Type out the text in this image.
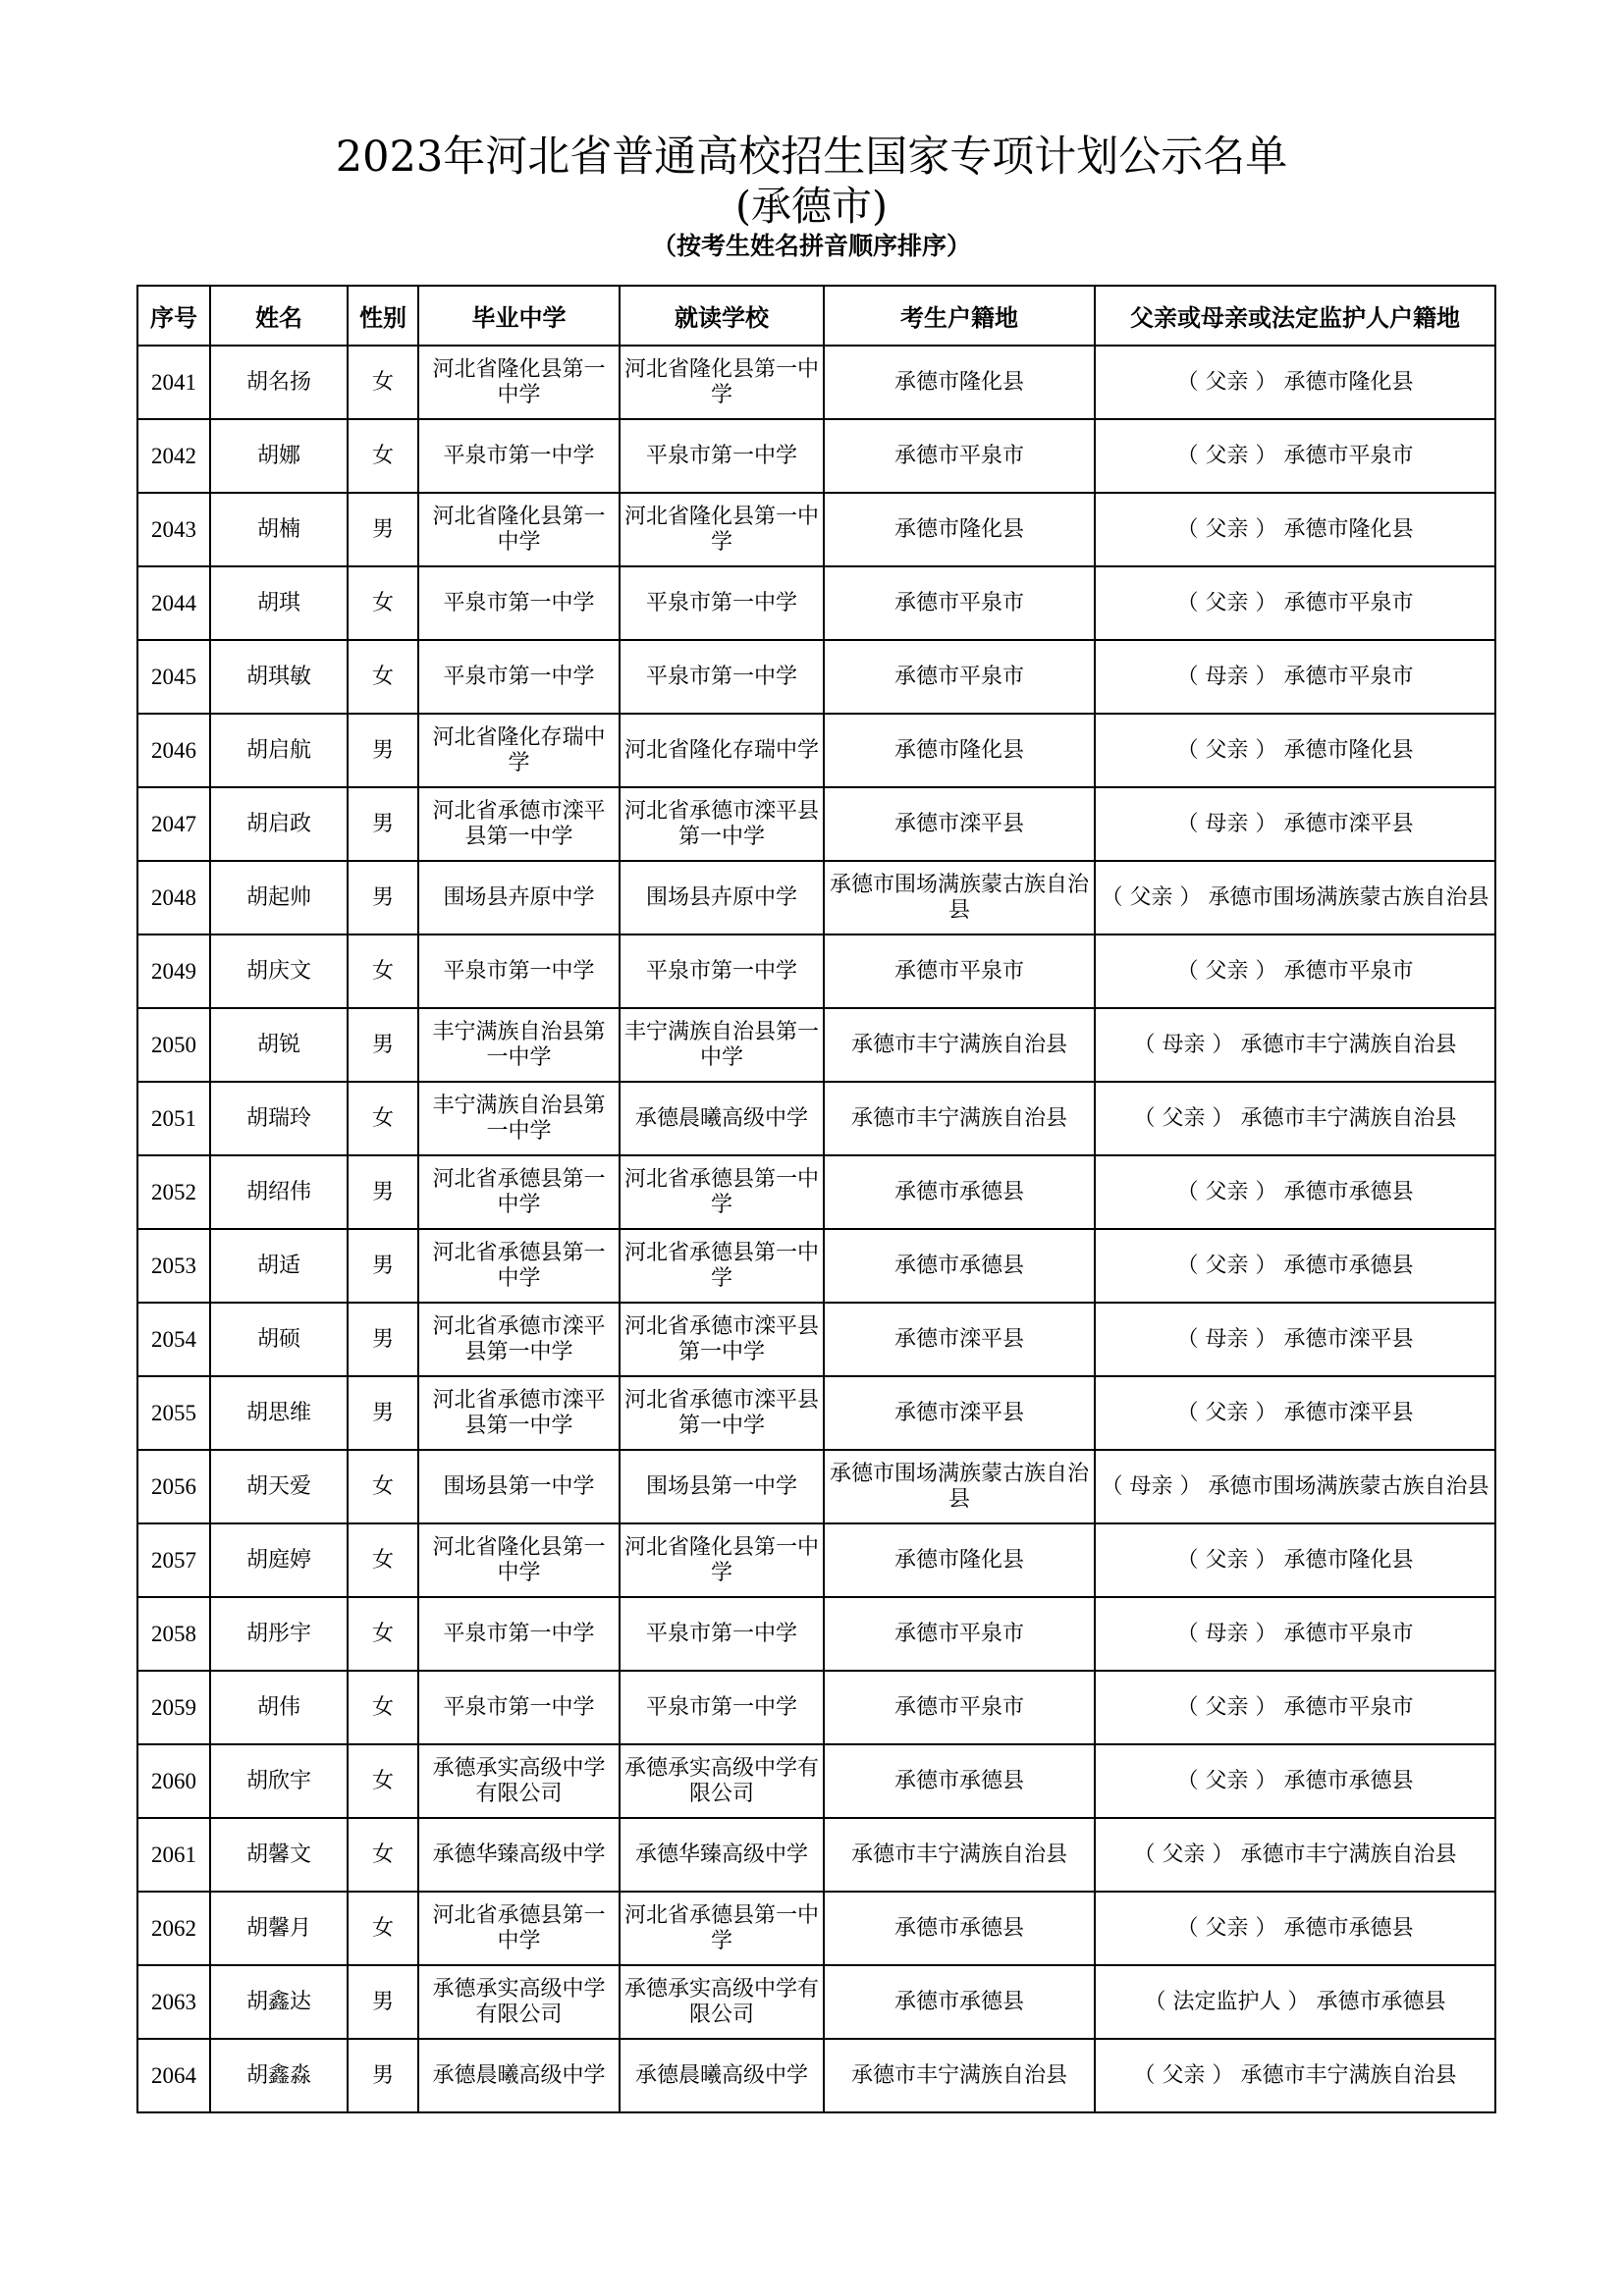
2023年河北省普通高校招生国家专项计划公示名单
(承德市)
（按考生姓名拼音顺序排序）
序号	姓名	性别	毕业中学	就读学校	考生户籍地	父亲或母亲或法定监护人户籍地
2041	胡名扬	女	河北省隆化县第一中学	河北省隆化县第一中学	承德市隆化县	（ 父亲 ） 承德市隆化县
2042	胡娜	女	平泉市第一中学	平泉市第一中学	承德市平泉市	（ 父亲 ） 承德市平泉市
2043	胡楠	男	河北省隆化县第一中学	河北省隆化县第一中学	承德市隆化县	（ 父亲 ） 承德市隆化县
2044	胡琪	女	平泉市第一中学	平泉市第一中学	承德市平泉市	（ 父亲 ） 承德市平泉市
2045	胡琪敏	女	平泉市第一中学	平泉市第一中学	承德市平泉市	（ 母亲 ） 承德市平泉市
2046	胡启航	男	河北省隆化存瑞中学	河北省隆化存瑞中学	承德市隆化县	（ 父亲 ） 承德市隆化县
2047	胡启政	男	河北省承德市滦平县第一中学	河北省承德市滦平县第一中学	承德市滦平县	（ 母亲 ） 承德市滦平县
2048	胡起帅	男	围场县卉原中学	围场县卉原中学	承德市围场满族蒙古族自治县	（ 父亲 ） 承德市围场满族蒙古族自治县
2049	胡庆文	女	平泉市第一中学	平泉市第一中学	承德市平泉市	（ 父亲 ） 承德市平泉市
2050	胡锐	男	丰宁满族自治县第一中学	丰宁满族自治县第一中学	承德市丰宁满族自治县	（ 母亲 ） 承德市丰宁满族自治县
2051	胡瑞玲	女	丰宁满族自治县第一中学	承德晨曦高级中学	承德市丰宁满族自治县	（ 父亲 ） 承德市丰宁满族自治县
2052	胡绍伟	男	河北省承德县第一中学	河北省承德县第一中学	承德市承德县	（ 父亲 ） 承德市承德县
2053	胡适	男	河北省承德县第一中学	河北省承德县第一中学	承德市承德县	（ 父亲 ） 承德市承德县
2054	胡硕	男	河北省承德市滦平县第一中学	河北省承德市滦平县第一中学	承德市滦平县	（ 母亲 ） 承德市滦平县
2055	胡思维	男	河北省承德市滦平县第一中学	河北省承德市滦平县第一中学	承德市滦平县	（ 父亲 ） 承德市滦平县
2056	胡天爱	女	围场县第一中学	围场县第一中学	承德市围场满族蒙古族自治县	（ 母亲 ） 承德市围场满族蒙古族自治县
2057	胡庭婷	女	河北省隆化县第一中学	河北省隆化县第一中学	承德市隆化县	（ 父亲 ） 承德市隆化县
2058	胡彤宇	女	平泉市第一中学	平泉市第一中学	承德市平泉市	（ 母亲 ） 承德市平泉市
2059	胡伟	女	平泉市第一中学	平泉市第一中学	承德市平泉市	（ 父亲 ） 承德市平泉市
2060	胡欣宇	女	承德承实高级中学有限公司	承德承实高级中学有限公司	承德市承德县	（ 父亲 ） 承德市承德县
2061	胡馨文	女	承德华臻高级中学	承德华臻高级中学	承德市丰宁满族自治县	（ 父亲 ） 承德市丰宁满族自治县
2062	胡馨月	女	河北省承德县第一中学	河北省承德县第一中学	承德市承德县	（ 父亲 ） 承德市承德县
2063	胡鑫达	男	承德承实高级中学有限公司	承德承实高级中学有限公司	承德市承德县	（ 法定监护人 ） 承德市承德县
2064	胡鑫淼	男	承德晨曦高级中学	承德晨曦高级中学	承德市丰宁满族自治县	（ 父亲 ） 承德市丰宁满族自治县
